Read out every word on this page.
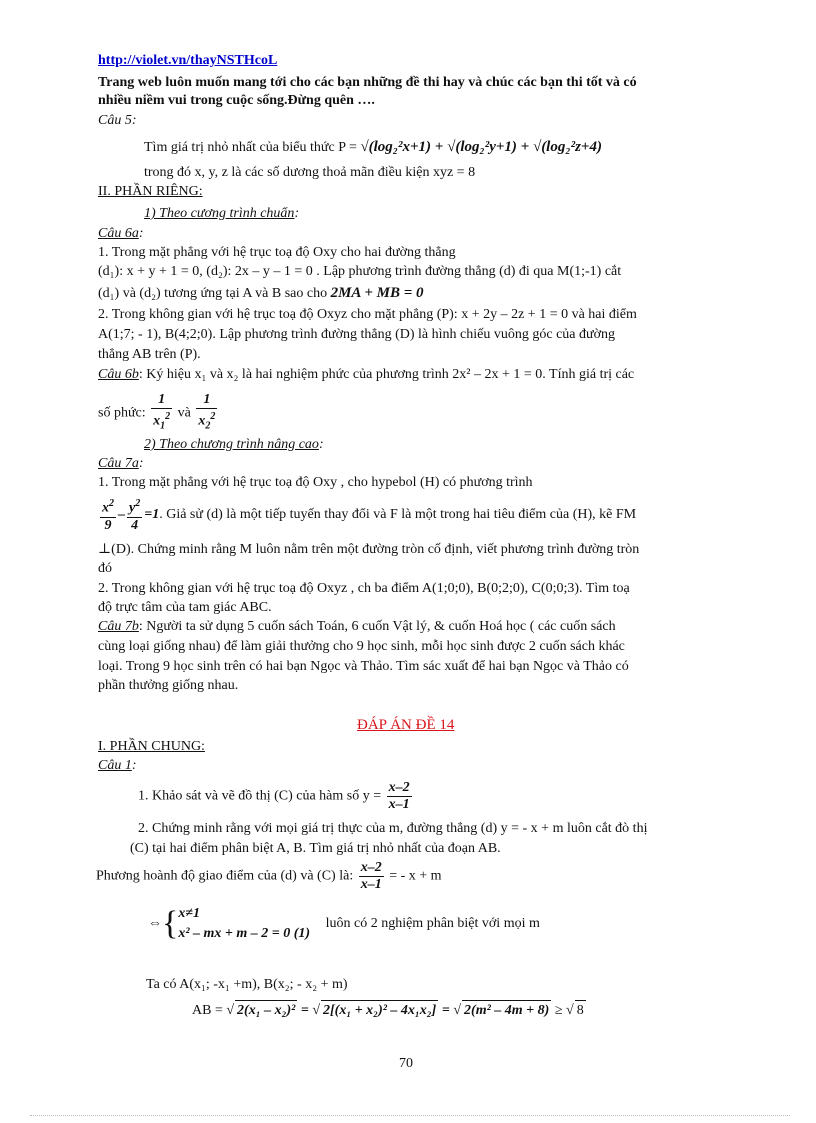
http://violet.vn/thayNSTHcoL
Trang web luôn muốn mang tới cho các bạn những đề thi hay và chúc các bạn thi tốt và có
nhiều niềm vui trong cuộc sống.Đừng quên ….
Câu 5:
Tìm giá trị nhỏ nhất của biểu thức P = √(log₂²x+1) + √(log₂²y+1) + √(log₂²z+4)
trong đó x, y, z là các số dương thoả mãn điều kiện xyz = 8
II. PHẦN RIÊNG:
1) Theo cương trình chuẩn:
Câu 6a:
1. Trong mặt phẳng với hệ trục toạ độ Oxy cho hai đường thẳng
(d₁): x + y + 1 = 0, (d₂): 2x – y – 1 = 0 . Lập phương trình đường thẳng (d) đi qua M(1;-1) cắt
(d₁) và (d₂) tương ứng tại A và B sao cho 2MA + MB = 0
2. Trong không gian với hệ trục toạ độ Oxyz cho mặt phẳng (P): x + 2y – 2z + 1 = 0 và hai điểm
A(1;7; - 1), B(4;2;0). Lập phương trình đường thẳng (D) là hình chiếu vuông góc của đường
thẳng AB trên (P).
Câu 6b: Ký hiệu x₁ và x₂ là hai nghiệm phức của phương trình 2x² – 2x + 1 = 0. Tính giá trị các
số phức: $\frac{1}{x_1^2}$ và $\frac{1}{x_2^2}$
2) Theo chương trình nâng cao:
Câu 7a:
1. Trong mặt phẳng với hệ trục toạ độ Oxy , cho hypebol (H) có phương trình
$\frac{x^2}{9} - \frac{y^2}{4} =1$. Giả sử (d) là một tiếp tuyến thay đổi và F là một trong hai tiêu điểm của (H), kẽ FM
⊥(D). Chứng minh rằng M luôn nằm trên một đường tròn cố định, viết phương trình đường tròn
đó
2. Trong không gian với hệ trục toạ độ Oxyz , ch ba điểm A(1;0;0), B(0;2;0), C(0;0;3). Tìm toạ
độ trực tâm của tam giác ABC.
Câu 7b: Người ta sử dụng 5 cuốn sách Toán, 6 cuốn Vật lý, & cuốn Hoá học ( các cuốn sách
cùng loại giống nhau) để làm giải thưởng cho 9 học sinh, mỗi học sinh được 2 cuốn sách khác
loại. Trong 9 học sinh trên có hai bạn Ngọc và Thảo. Tìm sác xuất để hai bạn Ngọc và Thảo có
phần thưởng giống nhau.
ĐÁP ÁN ĐỀ 14
I. PHẦN CHUNG:
Câu 1:
1. Khảo sát và vẽ đồ thị (C) của hàm số $y = \frac{x-2}{x-1}$
2. Chứng minh rằng với mọi giá trị thực của m, đường thẳng (d) y = - x + m luôn cắt đò thị
(C) tại hai điểm phân biệt A, B. Tìm giá trị nhỏ nhất của đoạn AB.
Phương hoành độ giao điểm của (d) và (C) là: $\frac{x-2}{x-1}$ = - x + m
⇔{ x≠1
x² – mx + m – 2 = 0 (1)
luôn có 2 nghiệm phân biệt với mọi m
Ta có A(x₁; -x₁ +m), B(x₂; - x₂ + m)
AB = √ 2(x₁ – x₂)² = √ 2[(x₁ + x₂)² – 4x₁x₂] = √ 2(m² – 4m + 8) ≥ √ 8
70
